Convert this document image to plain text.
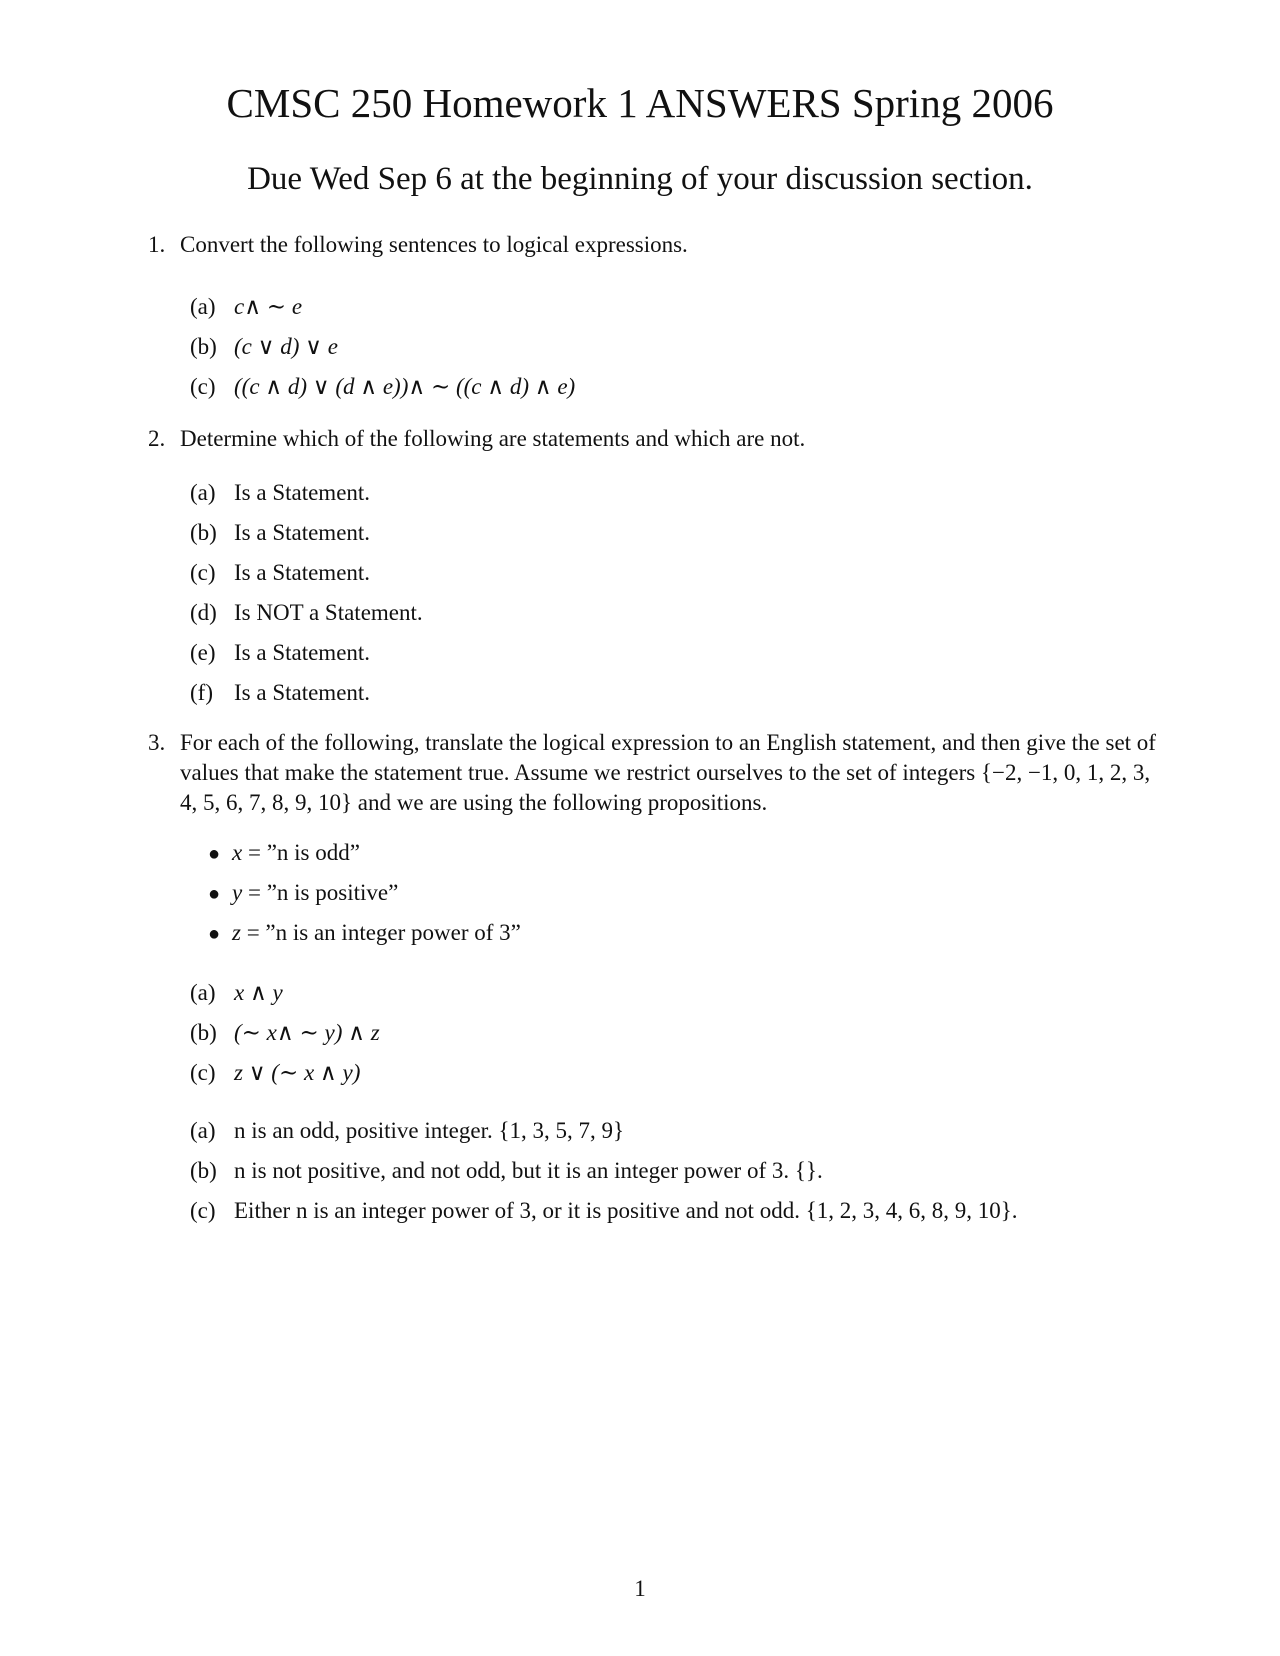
CMSC 250 Homework 1 ANSWERS Spring 2006
Due Wed Sep 6 at the beginning of your discussion section.
1. Convert the following sentences to logical expressions.
(a) c∧ ∼ e
(b) (c ∨ d) ∨ e
(c) ((c ∧ d) ∨ (d ∧ e))∧ ∼ ((c ∧ d) ∧ e)
2. Determine which of the following are statements and which are not.
(a) Is a Statement.
(b) Is a Statement.
(c) Is a Statement.
(d) Is NOT a Statement.
(e) Is a Statement.
(f) Is a Statement.
3. For each of the following, translate the logical expression to an English statement, and then give the set of values that make the statement true. Assume we restrict ourselves to the set of integers {−2, −1, 0, 1, 2, 3, 4, 5, 6, 7, 8, 9, 10} and we are using the following propositions.
● x = ”n is odd”
● y = ”n is positive”
● z = ”n is an integer power of 3”
(a) x ∧ y
(b) (∼ x∧ ∼ y) ∧ z
(c) z ∨ (∼ x ∧ y)
(a) n is an odd, positive integer. {1, 3, 5, 7, 9}
(b) n is not positive, and not odd, but it is an integer power of 3. {}.
(c) Either n is an integer power of 3, or it is positive and not odd. {1, 2, 3, 4, 6, 8, 9, 10}.
1
